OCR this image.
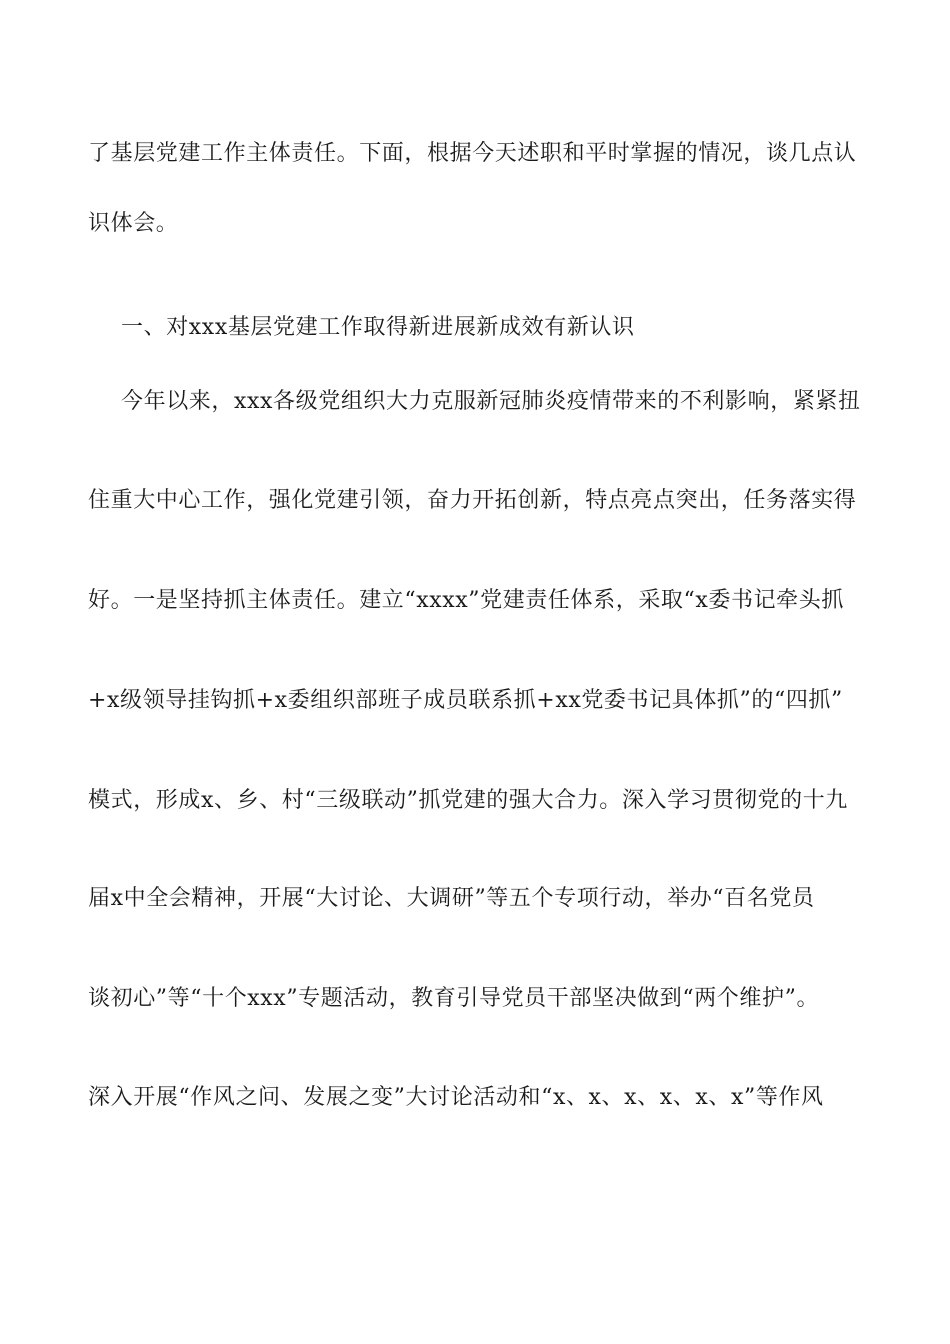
了基层党建工作主体责任。下面，根据今天述职和平时掌握的情况，谈几点认
识体会。
一、对xxx基层党建工作取得新进展新成效有新认识
今年以来，xxx各级党组织大力克服新冠肺炎疫情带来的不利影响，紧紧扭
住重大中心工作，强化党建引领，奋力开拓创新，特点亮点突出，任务落实得
好。一是坚持抓主体责任。建立“xxxx”党建责任体系，采取“x委书记牵头抓
+x级领导挂钩抓+x委组织部班子成员联系抓+xx党委书记具体抓”的“四抓”
模式，形成x、乡、村“三级联动”抓党建的强大合力。深入学习贯彻党的十九
届x中全会精神，开展“大讨论、大调研”等五个专项行动，举办“百名党员
谈初心”等“十个xxx”专题活动，教育引导党员干部坚决做到“两个维护”。
深入开展“作风之问、发展之变”大讨论活动和“x、x、x、x、x、x”等作风
